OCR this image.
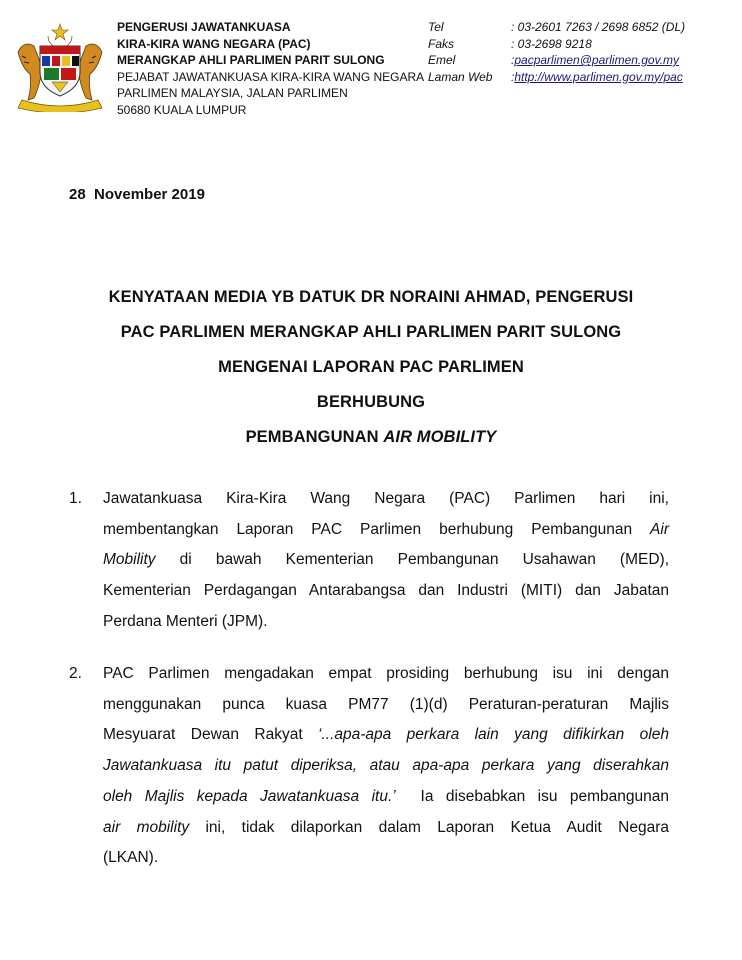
PENGERUSI JAWATANKUASA
KIRA-KIRA WANG NEGARA (PAC)
MERANGKAP AHLI PARLIMEN PARIT SULONG
PEJABAT JAWATANKUASA KIRA-KIRA WANG NEGARA
PARLIMEN MALAYSIA, JALAN PARLIMEN
50680 KUALA LUMPUR
Tel	: 03-2601 7263 / 2698 6852 (DL)
Faks	: 03-2698 9218
Emel	: pacparlimen@parlimen.gov.my
Laman Web	: http://www.parlimen.gov.my/pac
28  November 2019
KENYATAAN MEDIA YB DATUK DR NORAINI AHMAD, PENGERUSI
PAC PARLIMEN MERANGKAP AHLI PARLIMEN PARIT SULONG
MENGENAI LAPORAN PAC PARLIMEN
BERHUBUNG
PEMBANGUNAN AIR MOBILITY
1.	Jawatankuasa Kira-Kira Wang Negara (PAC) Parlimen hari ini,
membentangkan Laporan PAC Parlimen berhubung Pembangunan Air
Mobility di bawah Kementerian Pembangunan Usahawan (MED),
Kementerian Perdagangan Antarabangsa dan Industri (MITI) dan Jabatan
Perdana Menteri (JPM).
2.	PAC Parlimen mengadakan empat prosiding berhubung isu ini dengan
menggunakan punca kuasa PM77 (1)(d) Peraturan-peraturan Majlis
Mesyuarat Dewan Rakyat ‘...apa-apa perkara lain yang difikirkan oleh
Jawatankuasa itu patut diperiksa, atau apa-apa perkara yang diserahkan
oleh Majlis kepada Jawatankuasa itu.’  Ia disebabkan isu pembangunan
air mobility ini, tidak dilaporkan dalam Laporan Ketua Audit Negara
(LKAN).
